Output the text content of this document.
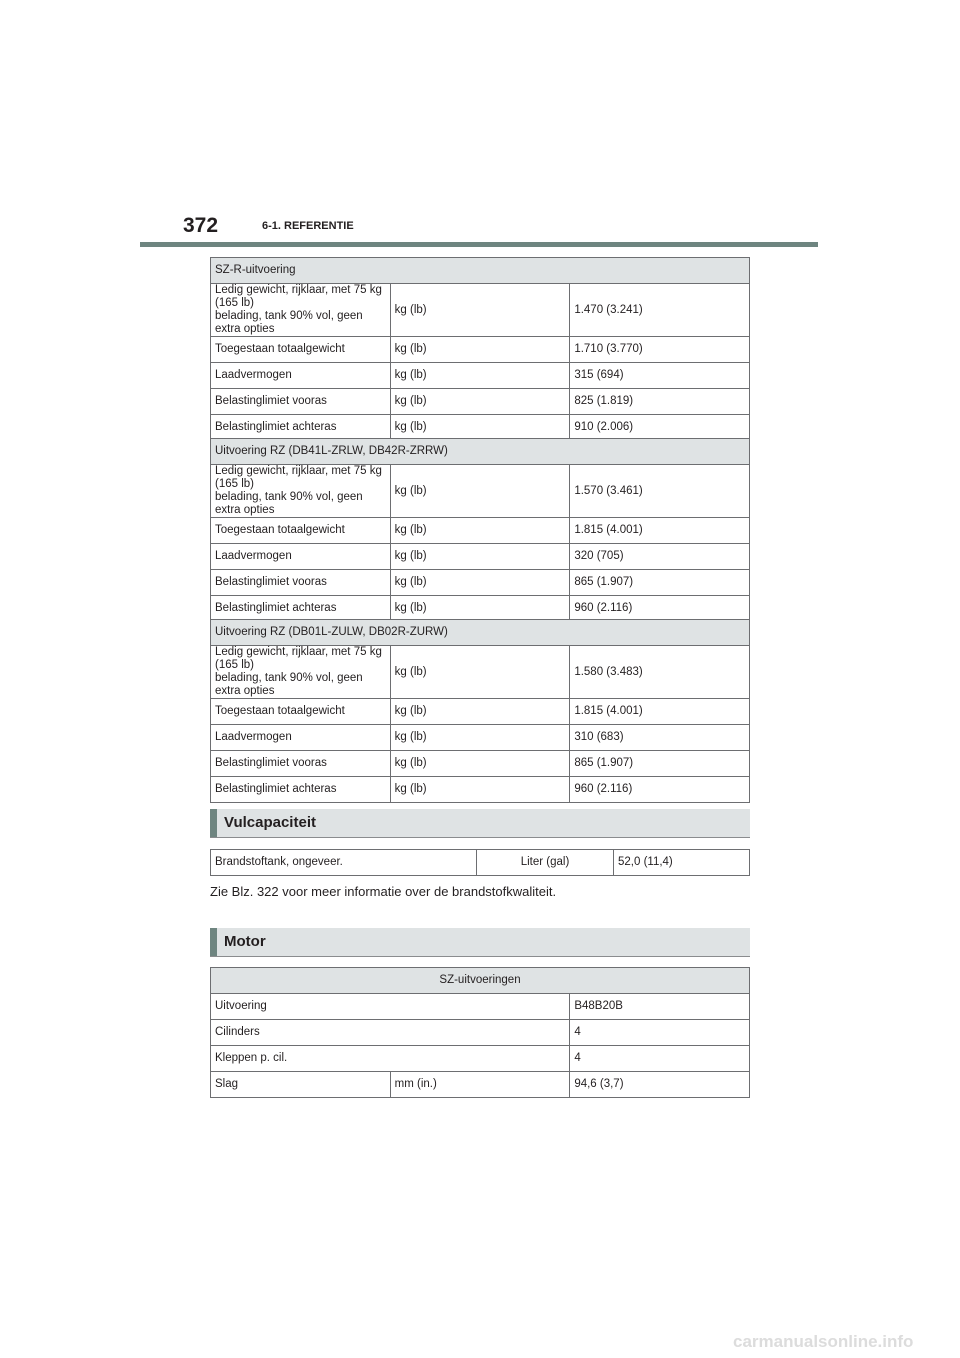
372	6-1. REFERENTIE
SZ-R-uitvoering		
Ledig gewicht, rijklaar, met 75 kg (165 lb)
belading, tank 90% vol, geen extra opties	kg (lb)	1.470 (3.241)
Toegestaan totaalgewicht	kg (lb)	1.710 (3.770)
Laadvermogen	kg (lb)	315 (694)
Belastinglimiet vooras	kg (lb)	825 (1.819)
Belastinglimiet achteras	kg (lb)	910 (2.006)
Uitvoering RZ (DB41L-ZRLW, DB42R-ZRRW)		
Ledig gewicht, rijklaar, met 75 kg (165 lb)
belading, tank 90% vol, geen extra opties	kg (lb)	1.570 (3.461)
Toegestaan totaalgewicht	kg (lb)	1.815 (4.001)
Laadvermogen	kg (lb)	320 (705)
Belastinglimiet vooras	kg (lb)	865 (1.907)
Belastinglimiet achteras	kg (lb)	960 (2.116)
Uitvoering RZ (DB01L-ZULW, DB02R-ZURW)		
Ledig gewicht, rijklaar, met 75 kg (165 lb)
belading, tank 90% vol, geen extra opties	kg (lb)	1.580 (3.483)
Toegestaan totaalgewicht	kg (lb)	1.815 (4.001)
Laadvermogen	kg (lb)	310 (683)
Belastinglimiet vooras	kg (lb)	865 (1.907)
Belastinglimiet achteras	kg (lb)	960 (2.116)
Vulcapaciteit
Brandstoftank, ongeveer.	Liter (gal)	52,0 (11,4)
Zie Blz. 322 voor meer informatie over de brandstofkwaliteit.
Motor
SZ-uitvoeringen		
Uitvoering		B48B20B
Cilinders		4
Kleppen p. cil.		4
Slag	mm (in.)	94,6 (3,7)
carmanualsonline.info
